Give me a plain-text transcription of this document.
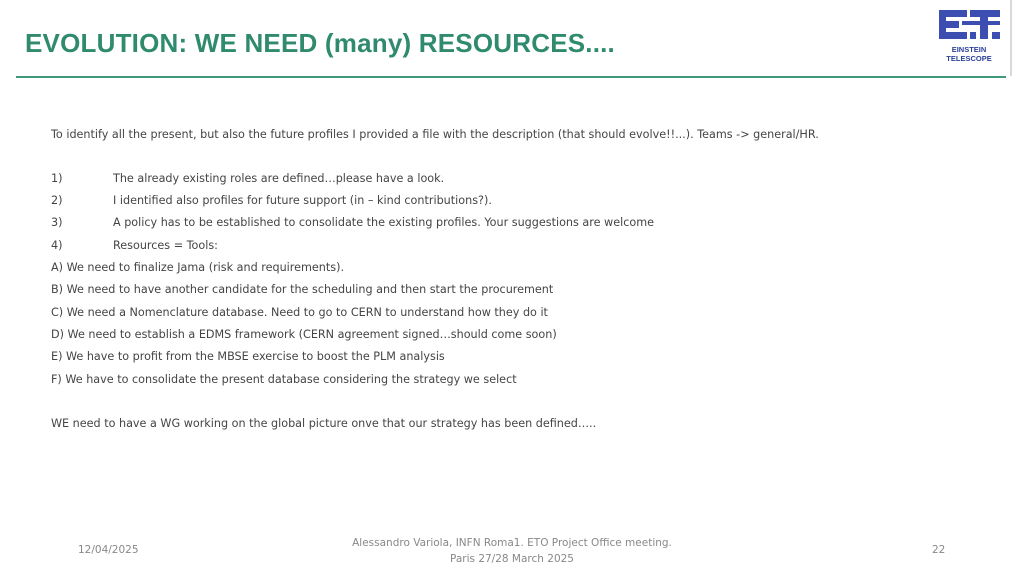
EVOLUTION: WE NEED (many) RESOURCES....	EINSTEIN
TELESCOPE
To identify all the present, but also the future profiles I provided a file with the description (that should evolve!!...). Teams -> general/HR.
1)	The already existing roles are defined…please have a look.
2)	I identified also profiles for future support (in – kind contributions?).
3)	A policy has to be established to consolidate the existing profiles. Your suggestions are welcome
4)	Resources = Tools:
A) We need to finalize Jama (risk and requirements).
B) We need to have another candidate for the scheduling and then start the procurement
C) We need a Nomenclature database. Need to go to CERN to understand how they do it
D) We need to establish a EDMS framework (CERN agreement signed…should come soon)
E) We have to profit from the MBSE exercise to boost the PLM analysis
F) We have to consolidate the present database considering the strategy we select
WE need to have a WG working on the global picture onve that our strategy has been defined…..
12/04/2025
Alessandro Variola, INFN Roma1. ETO Project Office meeting.
Paris 27/28 March 2025
22
